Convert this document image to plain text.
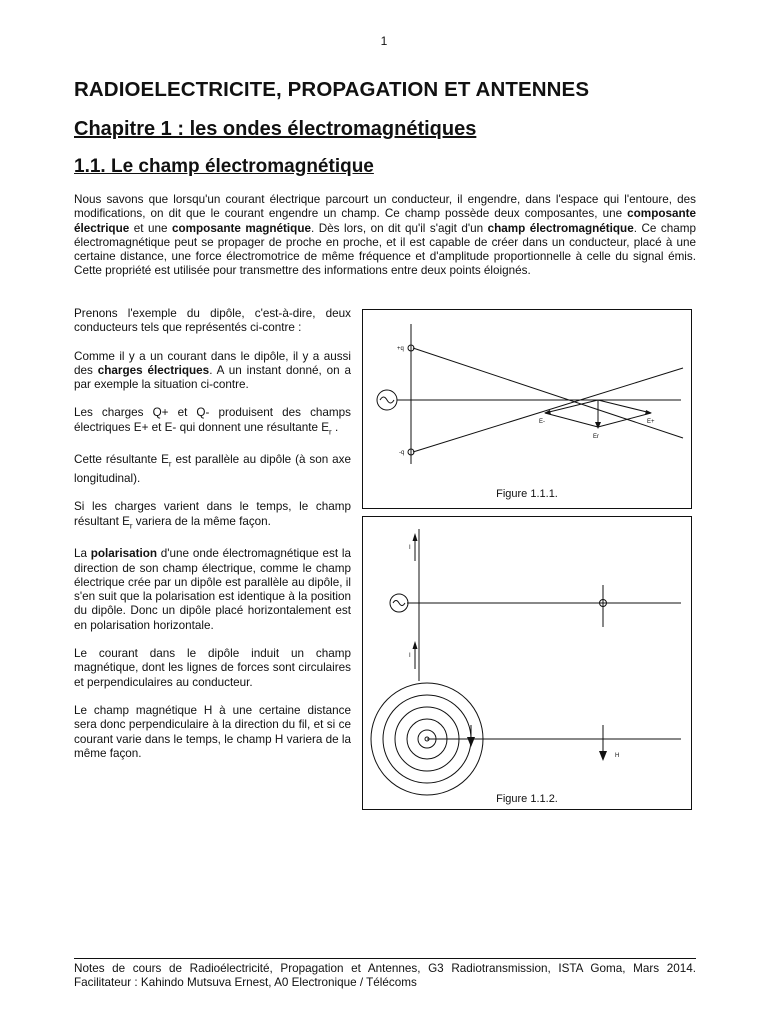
1
RADIOELECTRICITE, PROPAGATION ET ANTENNES
Chapitre 1 : les ondes électromagnétiques
1.1. Le champ électromagnétique

Nous savons que lorsqu'un courant électrique parcourt un conducteur, il engendre, dans l'espace qui l'entoure, des modifications, on dit que le courant engendre un champ. Ce champ possède deux composantes, une composante électrique et une composante magnétique. Dès lors, on dit qu'il s'agit d'un champ électromagnétique. Ce champ électromagnétique peut se propager de proche en proche, et il est capable de créer dans un conducteur, placé à une certaine distance, une force électromotrice de même fréquence et d'amplitude proportionnelle à celle du signal émis. Cette propriété est utilisée pour transmettre des informations entre deux points éloignés.

Prenons l'exemple du dipôle, c'est-à-dire, deux conducteurs tels que représentés ci-contre :

Comme il y a un courant dans le dipôle, il y a aussi des charges électriques. A un instant donné, on a par exemple la situation ci-contre.

Les charges Q+ et Q- produisent des champs électriques E+ et E- qui donnent une résultante $E_r$ .

Cette résultante $E_r$ est parallèle au dipôle (à son axe longitudinal).

Si les charges varient dans le temps, le champ résultant $E_r$ variera de la même façon.

La polarisation d'une onde électromagnétique est la direction de son champ électrique, comme le champ électrique crée par un dipôle est parallèle au dipôle, il s'en suit que la polarisation est identique à la position du dipôle. Donc un dipôle placé horizontalement est en polarisation horizontale.

Le courant dans le dipôle induit un champ magnétique, dont les lignes de forces sont circulaires et perpendiculaires au conducteur.

Le champ magnétique H à une certaine distance sera donc perpendiculaire à la direction du fil, et si ce courant varie dans le temps, le champ H variera de la même façon.

+q
-q
E-	E+
Er
Figure 1.1.1.
I
I
H
Figure 1.1.2.
Notes de cours de Radioélectricité, Propagation et Antennes, G3 Radiotransmission, ISTA Goma, Mars 2014. Facilitateur : Kahindo Mutsuva Ernest, A0 Electronique / Télécoms
